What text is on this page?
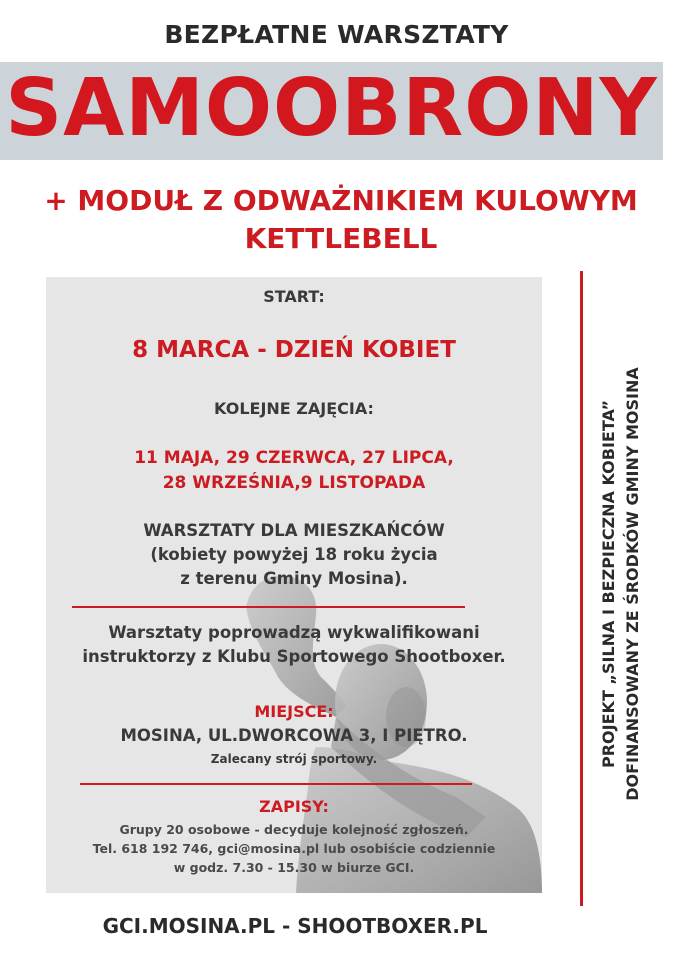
BEZPŁATNE WARSZTATY
SAMOOBRONY
+ MODUŁ Z ODWAŻNIKIEM KULOWYM
KETTLEBELL
START:
8 MARCA - DZIEŃ KOBIET
KOLEJNE ZAJĘCIA:
11 MAJA, 29 CZERWCA, 27 LIPCA,
28 WRZEŚNIA,9 LISTOPADA
WARSZTATY DLA MIESZKAŃCÓW
(kobiety powyżej 18 roku życia
z terenu Gminy Mosina).
Warsztaty poprowadzą wykwalifikowani
instruktorzy z Klubu Sportowego Shootboxer.
MIEJSCE:
MOSINA, UL.DWORCOWA 3, I PIĘTRO.
Zalecany strój sportowy.
ZAPISY:
Grupy 20 osobowe - decyduje kolejność zgłoszeń.
Tel. 618 192 746, gci@mosina.pl lub osobiście codziennie
w godz. 7.30 - 15.30 w biurze GCI.
PROJEKT „SILNA I BEZPIECZNA KOBIETA” DOFINANSOWANY ZE ŚRODKÓW GMINY MOSINA
GCI.MOSINA.PL - SHOOTBOXER.PL
